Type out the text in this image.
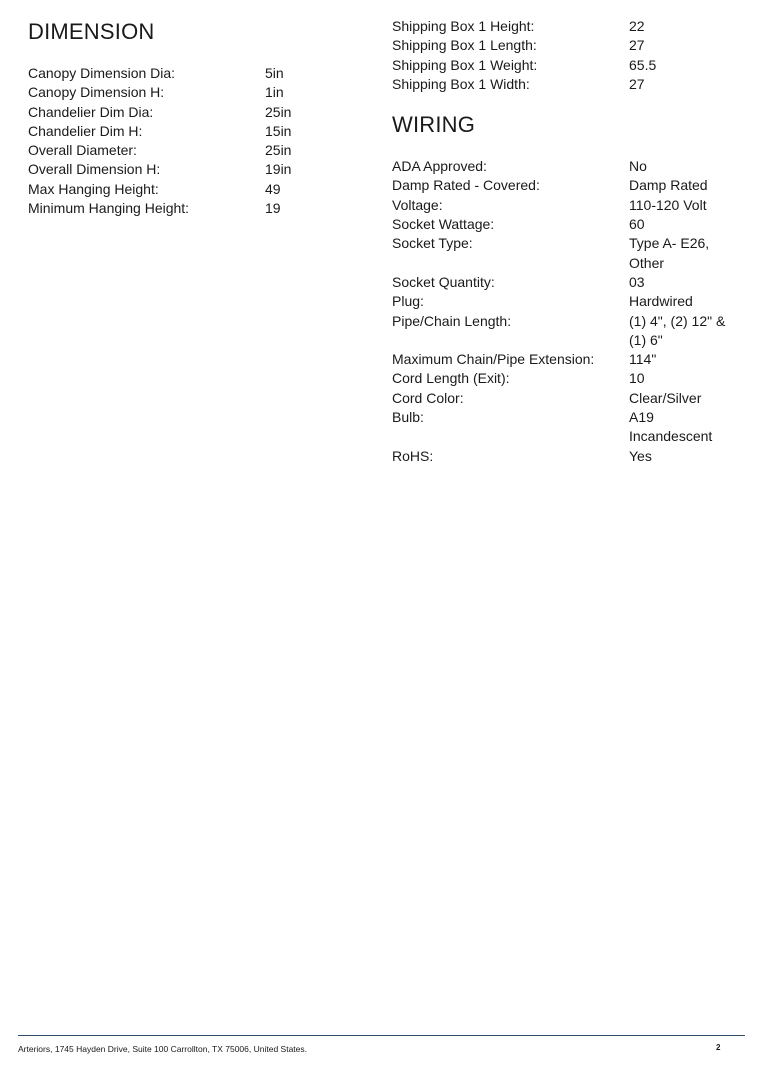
DIMENSION
Canopy Dimension Dia:	5in
Canopy Dimension H:	1in
Chandelier Dim Dia:	25in
Chandelier Dim H:	15in
Overall Diameter:	25in
Overall Dimension H:	19in
Max Hanging Height:	49
Minimum Hanging Height:	19
Shipping Box 1 Height:	22
Shipping Box 1 Length:	27
Shipping Box 1 Weight:	65.5
Shipping Box 1 Width:	27
WIRING
ADA Approved:	No
Damp Rated - Covered:	Damp Rated
Voltage:	110-120 Volt
Socket Wattage:	60
Socket Type:	Type A- E26, Other
Socket Quantity:	03
Plug:	Hardwired
Pipe/Chain Length:	(1) 4", (2) 12" & (1) 6"
Maximum Chain/Pipe Extension:	114"
Cord Length (Exit):	10
Cord Color:	Clear/Silver
Bulb:	A19 Incandescent
RoHS:	Yes
Arteriors, 1745 Hayden Drive, Suite 100 Carrollton, TX 75006, United States.	2
